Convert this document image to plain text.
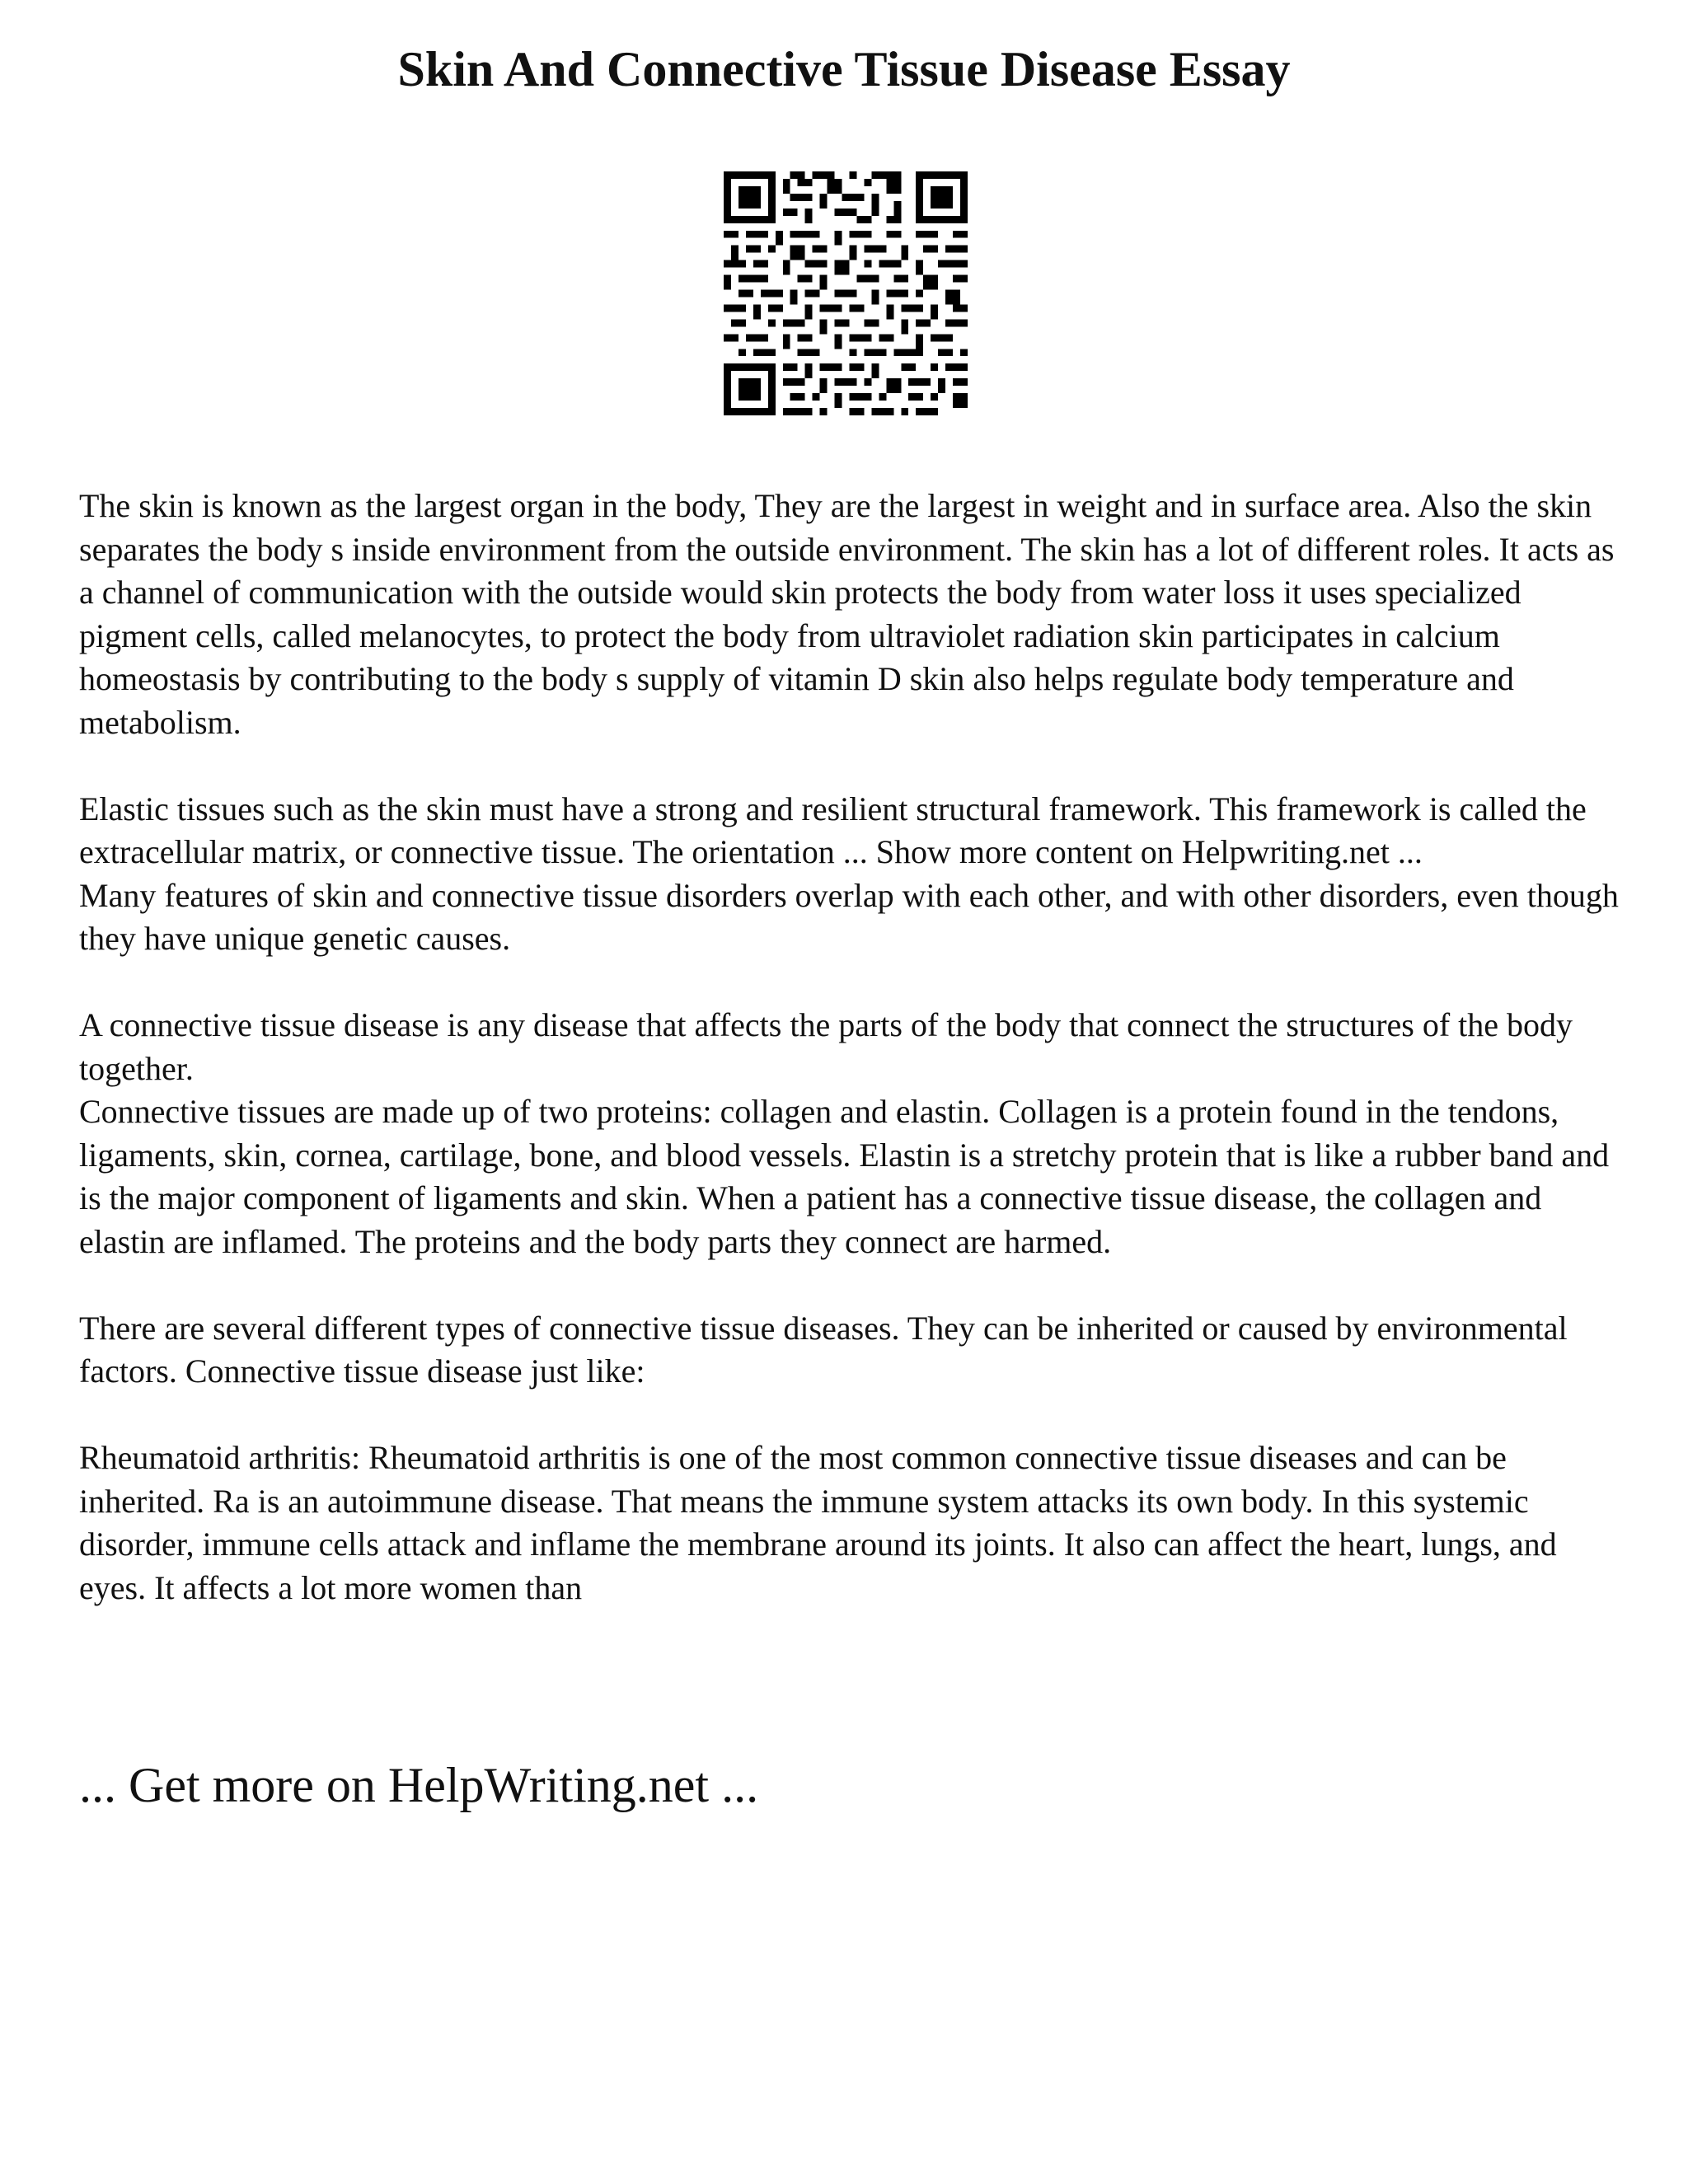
Skin And Connective Tissue Disease Essay

The skin is known as the largest organ in the body, They are the largest in weight and in surface area. Also the skin separates the body s inside environment from the outside environment. The skin has a lot of different roles. It acts as a channel of communication with the outside would skin protects the body from water loss it uses specialized pigment cells, called melanocytes, to protect the body from ultraviolet radiation skin participates in calcium homeostasis by contributing to the body s supply of vitamin D skin also helps regulate body temperature and metabolism.

Elastic tissues such as the skin must have a strong and resilient structural framework. This framework is called the extracellular matrix, or connective tissue. The orientation ... Show more content on Helpwriting.net ...

Many features of skin and connective tissue disorders overlap with each other, and with other disorders, even though they have unique genetic causes.

A connective tissue disease is any disease that affects the parts of the body that connect the structures of the body together.

Connective tissues are made up of two proteins: collagen and elastin. Collagen is a protein found in the tendons, ligaments, skin, cornea, cartilage, bone, and blood vessels. Elastin is a stretchy protein that is like a rubber band and is the major component of ligaments and skin. When a patient has a connective tissue disease, the collagen and elastin are inflamed. The proteins and the body parts they connect are harmed.

There are several different types of connective tissue diseases. They can be inherited or caused by environmental factors. Connective tissue disease just like:

Rheumatoid arthritis: Rheumatoid arthritis is one of the most common connective tissue diseases and can be inherited. Ra is an autoimmune disease. That means the immune system attacks its own body. In this systemic disorder, immune cells attack and inflame the membrane around its joints. It also can affect the heart, lungs, and eyes. It affects a lot more women than

... Get more on HelpWriting.net ...
